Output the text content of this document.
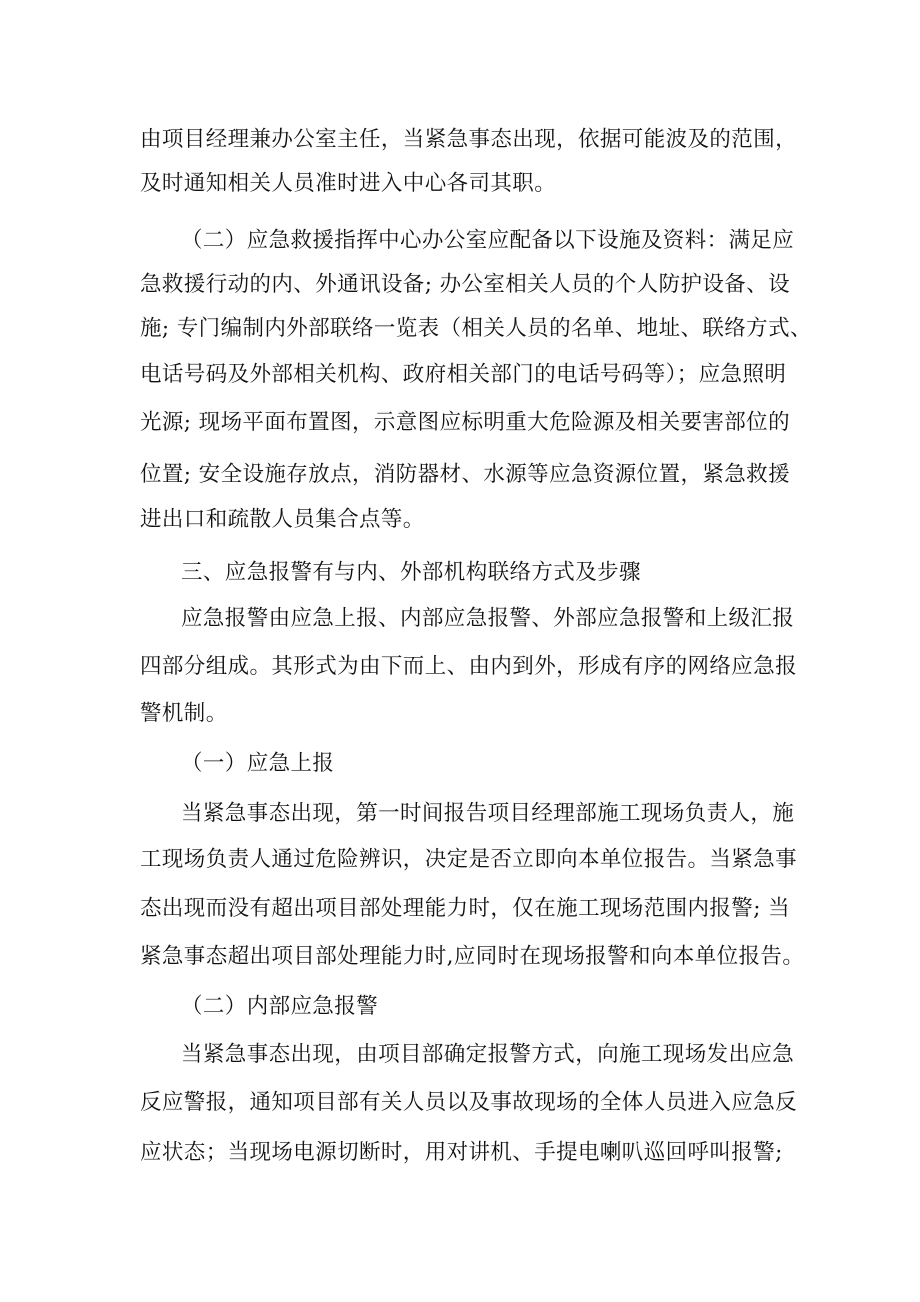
由项目经理兼办公室主任，当紧急事态出现，依据可能波及的范围，
及时通知相关人员准时进入中心各司其职。
（二）应急救援指挥中心办公室应配备以下设施及资料：满足应
急救援行动的内、外通讯设备; 办公室相关人员的个人防护设备、设
施; 专门编制内外部联络一览表（相关人员的名单、地址、联络方式、
电话号码及外部相关机构、政府相关部门的电话号码等）；应急照明
光源; 现场平面布置图，示意图应标明重大危险源及相关要害部位的
位置; 安全设施存放点，消防器材、水源等应急资源位置，紧急救援
进出口和疏散人员集合点等。
三、应急报警有与内、外部机构联络方式及步骤
应急报警由应急上报、内部应急报警、外部应急报警和上级汇报
四部分组成。其形式为由下而上、由内到外，形成有序的网络应急报
警机制。
（一）应急上报
当紧急事态出现，第一时间报告项目经理部施工现场负责人，施
工现场负责人通过危险辨识，决定是否立即向本单位报告。当紧急事
态出现而没有超出项目部处理能力时，仅在施工现场范围内报警; 当
紧急事态超出项目部处理能力时,应同时在现场报警和向本单位报告。
（二）内部应急报警
当紧急事态出现，由项目部确定报警方式，向施工现场发出应急
反应警报，通知项目部有关人员以及事故现场的全体人员进入应急反
应状态；当现场电源切断时，用对讲机、手提电喇叭巡回呼叫报警;
